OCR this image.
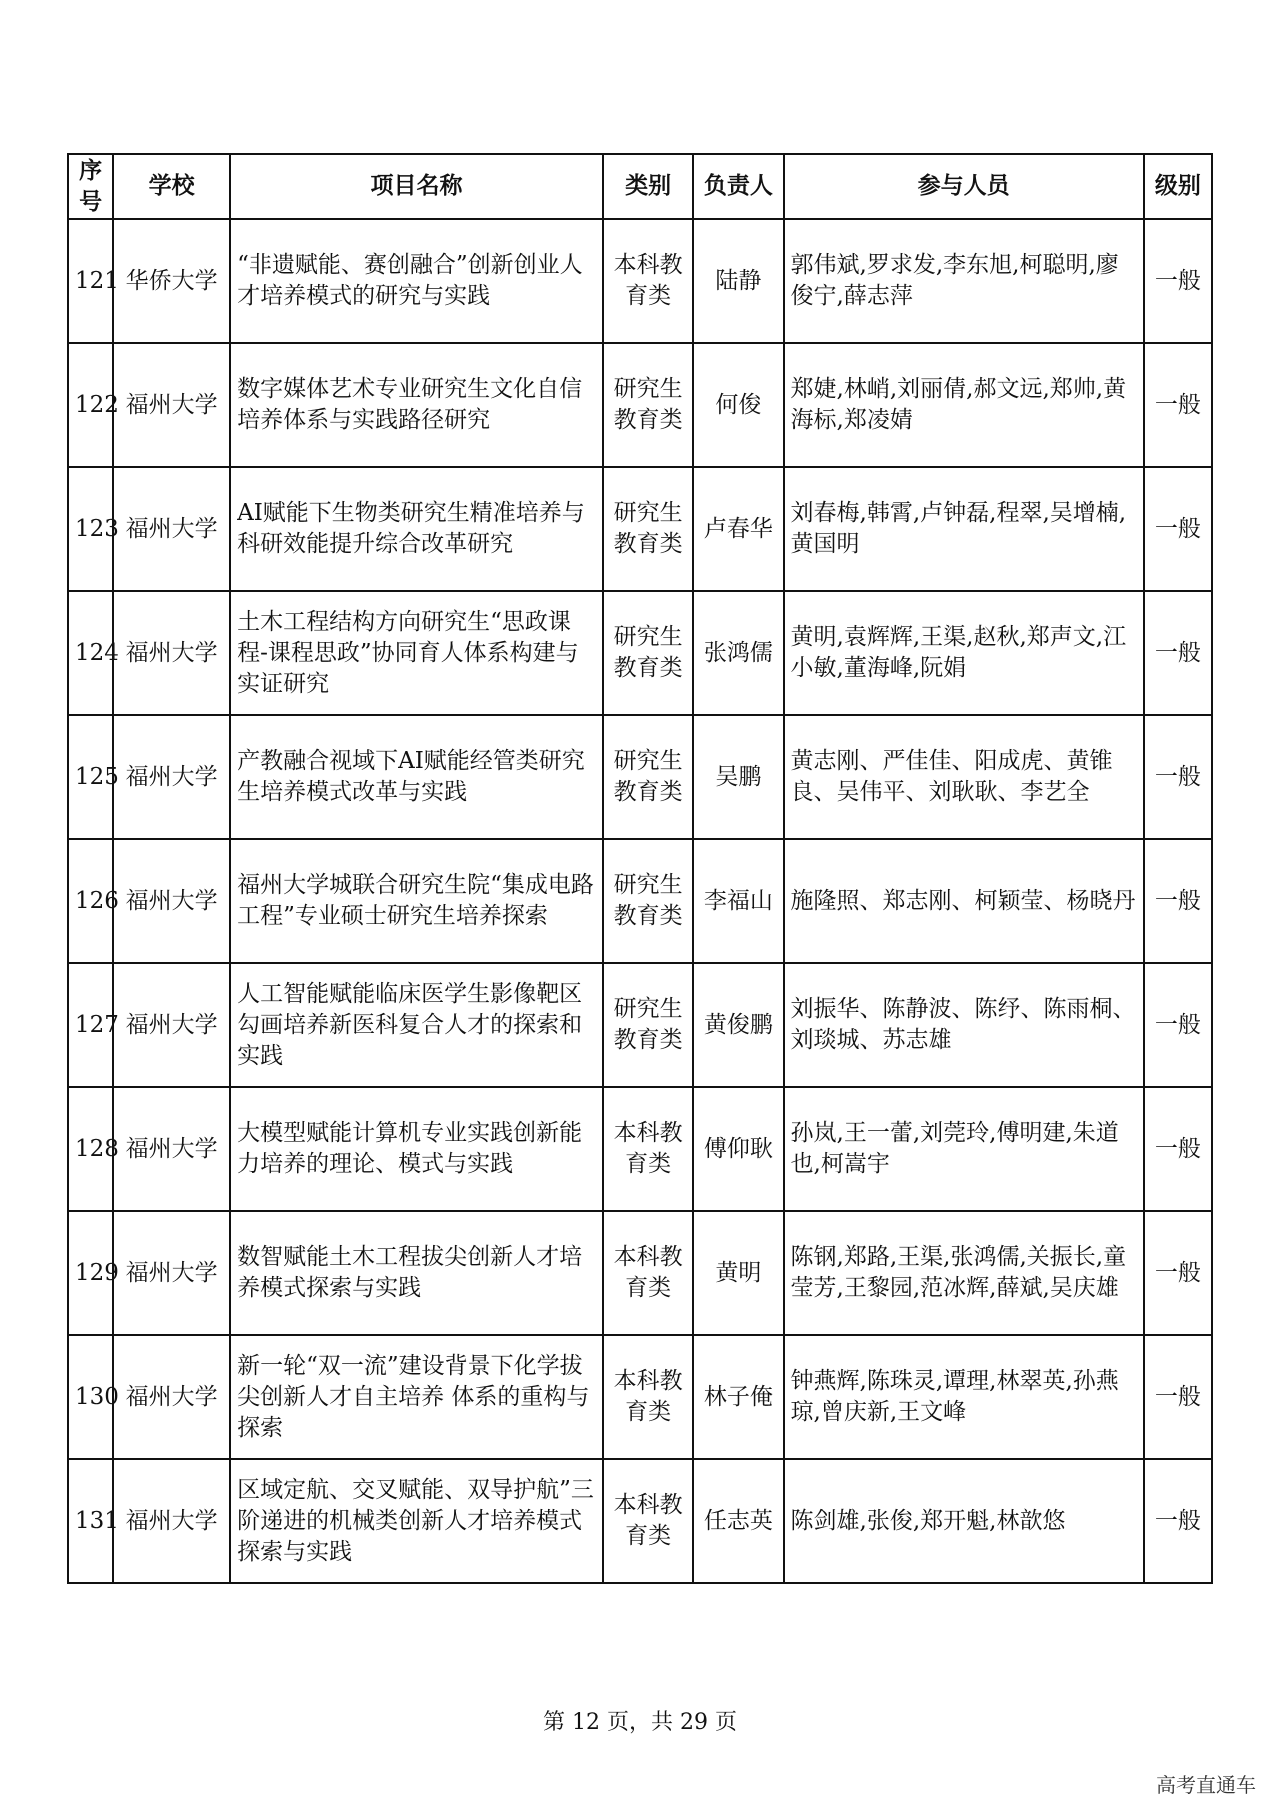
序号	学校	项目名称	类别	负责人	参与人员	级别
121	华侨大学	“非遗赋能、赛创融合”创新创业人才培养模式的研究与实践	本科教育类	陆静	郭伟斌,罗求发,李东旭,柯聪明,廖俊宁,薛志萍	一般
122	福州大学	数字媒体艺术专业研究生文化自信培养体系与实践路径研究	研究生教育类	何俊	郑婕,林峭,刘丽倩,郝文远,郑帅,黄海标,郑凌婧	一般
123	福州大学	AI赋能下生物类研究生精准培养与科研效能提升综合改革研究	研究生教育类	卢春华	刘春梅,韩霄,卢钟磊,程翠,吴增楠,黄国明	一般
124	福州大学	土木工程结构方向研究生“思政课程-课程思政”协同育人体系构建与实证研究	研究生教育类	张鸿儒	黄明,袁辉辉,王渠,赵秋,郑声文,江小敏,董海峰,阮娟	一般
125	福州大学	产教融合视域下AI赋能经管类研究生培养模式改革与实践	研究生教育类	吴鹏	黄志刚、严佳佳、阳成虎、黄锥良、吴伟平、刘耿耿、李艺全	一般
126	福州大学	福州大学城联合研究生院“集成电路工程”专业硕士研究生培养探索	研究生教育类	李福山	施隆照、郑志刚、柯颖莹、杨晓丹	一般
127	福州大学	人工智能赋能临床医学生影像靶区勾画培养新医科复合人才的探索和实践	研究生教育类	黄俊鹏	刘振华、陈静波、陈纾、陈雨桐、刘琰城、苏志雄	一般
128	福州大学	大模型赋能计算机专业实践创新能力培养的理论、模式与实践	本科教育类	傅仰耿	孙岚,王一蕾,刘莞玲,傅明建,朱道也,柯嵩宇	一般
129	福州大学	数智赋能土木工程拔尖创新人才培养模式探索与实践	本科教育类	黄明	陈钢,郑路,王渠,张鸿儒,关振长,童莹芳,王黎园,范冰辉,薛斌,吴庆雄	一般
130	福州大学	新一轮“双一流”建设背景下化学拔尖创新人才自主培养 体系的重构与探索	本科教育类	林子俺	钟燕辉,陈珠灵,谭理,林翠英,孙燕琼,曾庆新,王文峰	一般
131	福州大学	区域定航、交叉赋能、双导护航”三阶递进的机械类创新人才培养模式探索与实践	本科教育类	任志英	陈剑雄,张俊,郑开魁,林歆悠	一般
第 12 页，共 29 页
高考直通车
